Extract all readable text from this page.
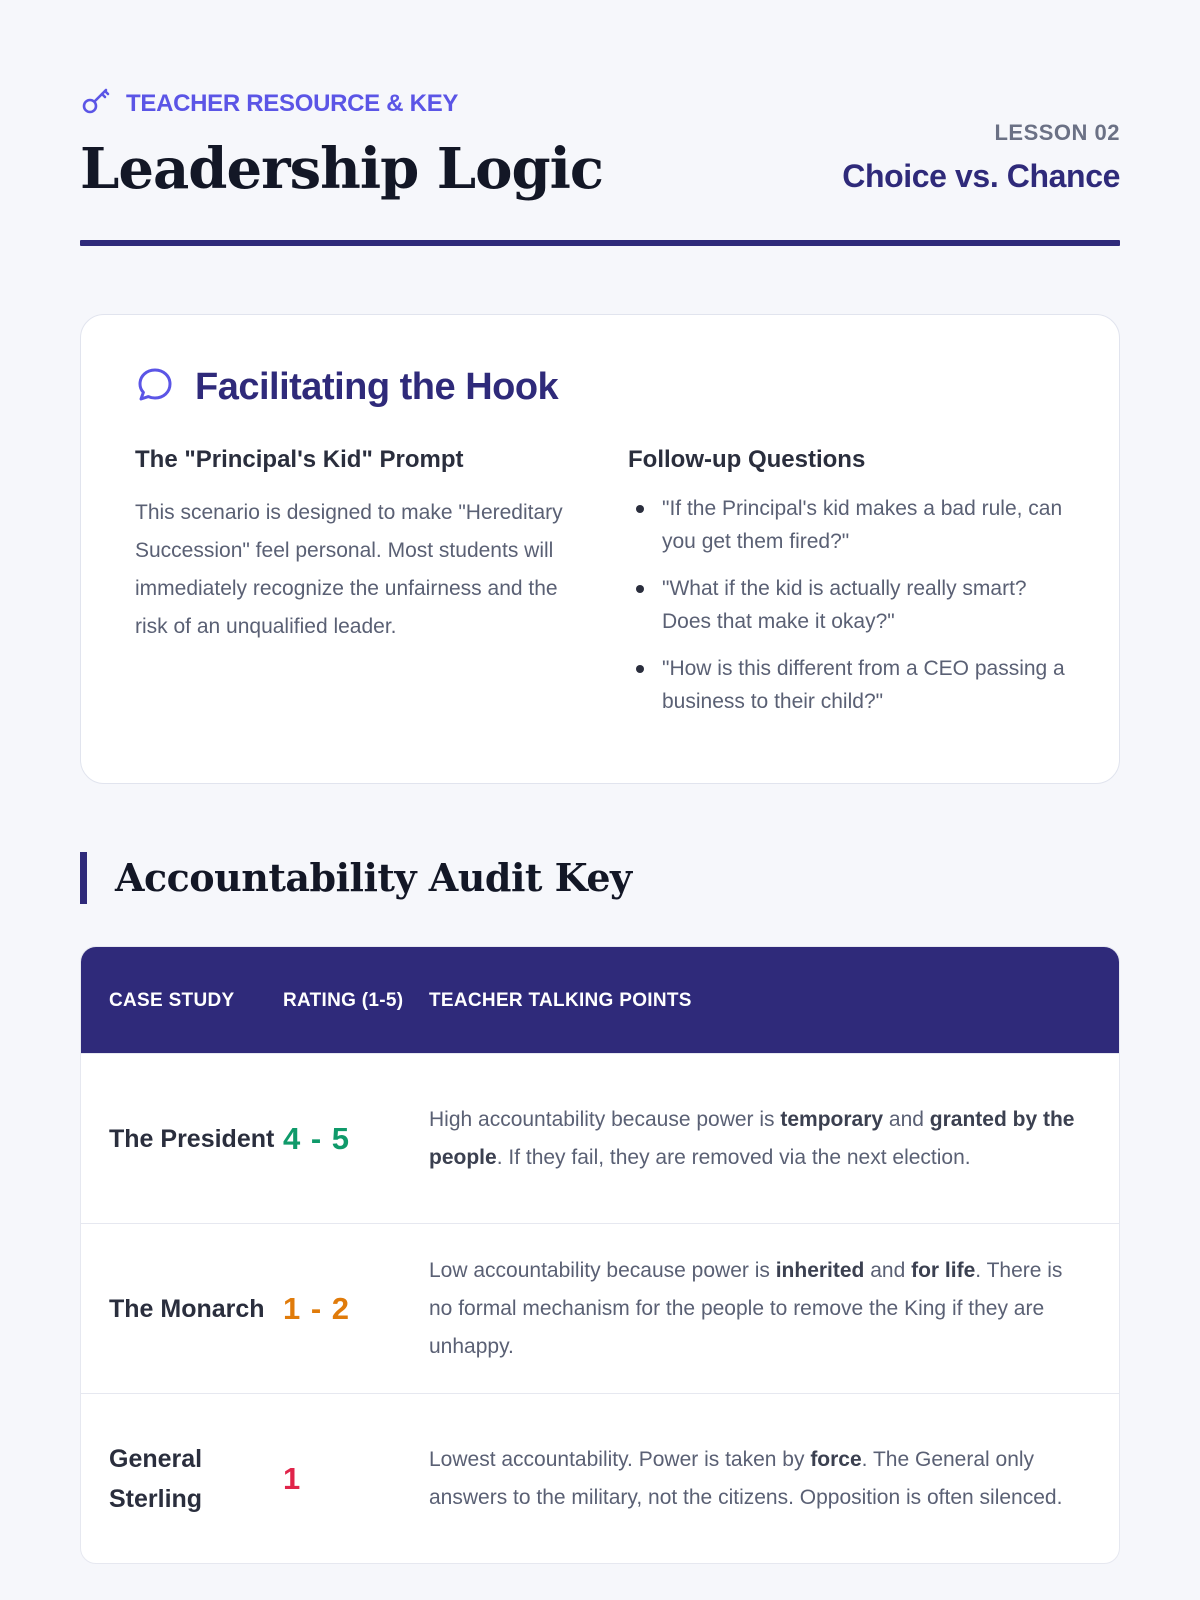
TEACHER RESOURCE & KEY
Leadership Logic
LESSON 02
Choice vs. Chance
Facilitating the Hook
The "Principal's Kid" Prompt

This scenario is designed to make "Hereditary Succession" feel personal. Most students will immediately recognize the unfairness and the risk of an unqualified leader.

Follow-up Questions
"If the Principal's kid makes a bad rule, can you get them fired?"
"What if the kid is actually really smart? Does that make it okay?"
"How is this different from a CEO passing a business to their child?"
Accountability Audit Key
CASE STUDY	RATING (1-5)	TEACHER TALKING POINTS
The President 4 - 5
High accountability because power is temporary and granted by the people. If they fail, they are removed via the next election.
The Monarch 1 - 2
Low accountability because power is inherited and for life. There is no formal mechanism for the people to remove the King if they are unhappy.
General Sterling
1
Lowest accountability. Power is taken by force. The General only answers to the military, not the citizens. Opposition is often silenced.
